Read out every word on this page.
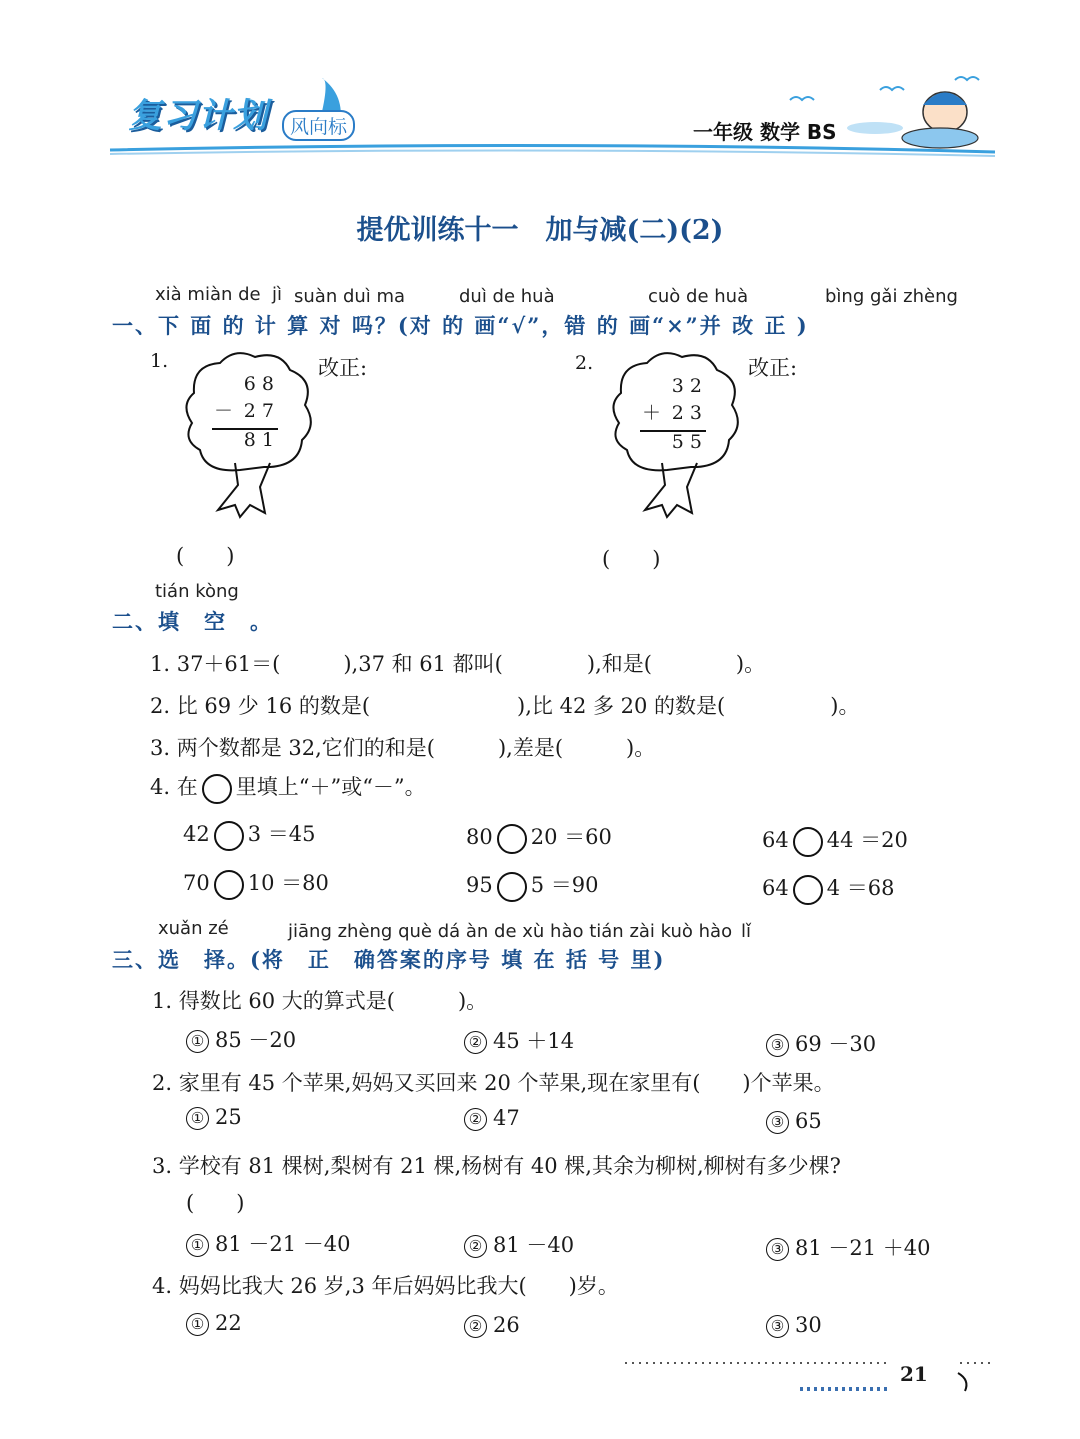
复习计划	风向标	一年级 数学 BS
提优训练十一　加与减(二)(2)
xià miàn de jì suàn duì ma	duì de huà	cuò de huà	bìng gǎi zhèng
一、下 面 的 计 算 对 吗？(对 的 画“√”，错 的 画“×”并 改 正 )
1.	改正:
6 8
－ 2 7
8 1
(　　)
2.	改正:
3 2
＋ 2 3
5 5
(　　)
tián kòng
二、填　空　。
1. 37＋61＝(　　　),37 和 61 都叫(　　　　),和是(　　　　)。
2. 比 69 少 16 的数是(　　　　　　　),比 42 多 20 的数是(　　　　　)。
3. 两个数都是 32,它们的和是(　　　),差是(　　　)。
4. 在 里填上“＋”或“－”。
42 3 ＝45	80 20 ＝60	64 44 ＝20
70 10 ＝80	95 5 ＝90	64 4 ＝68
xuǎn zé	jiāng zhèng què dá àn de xù hào tián zài kuò hào lǐ
三、选　择。(将　正　确答案的序号 填 在 括 号 里)
1. 得数比 60 大的算式是(　　　)。
① 85 －20	② 45 ＋14	③ 69 －30
2. 家里有 45 个苹果,妈妈又买回来 20 个苹果,现在家里有(　　)个苹果。
① 25	② 47	③ 65
3. 学校有 81 棵树,梨树有 21 棵,杨树有 40 棵,其余为柳树,柳树有多少棵?
(　　)
① 81 －21 －40	② 81 －40	③ 81 －21 ＋40
4. 妈妈比我大 26 岁,3 年后妈妈比我大(　　)岁。
① 22	② 26	③ 30
21
